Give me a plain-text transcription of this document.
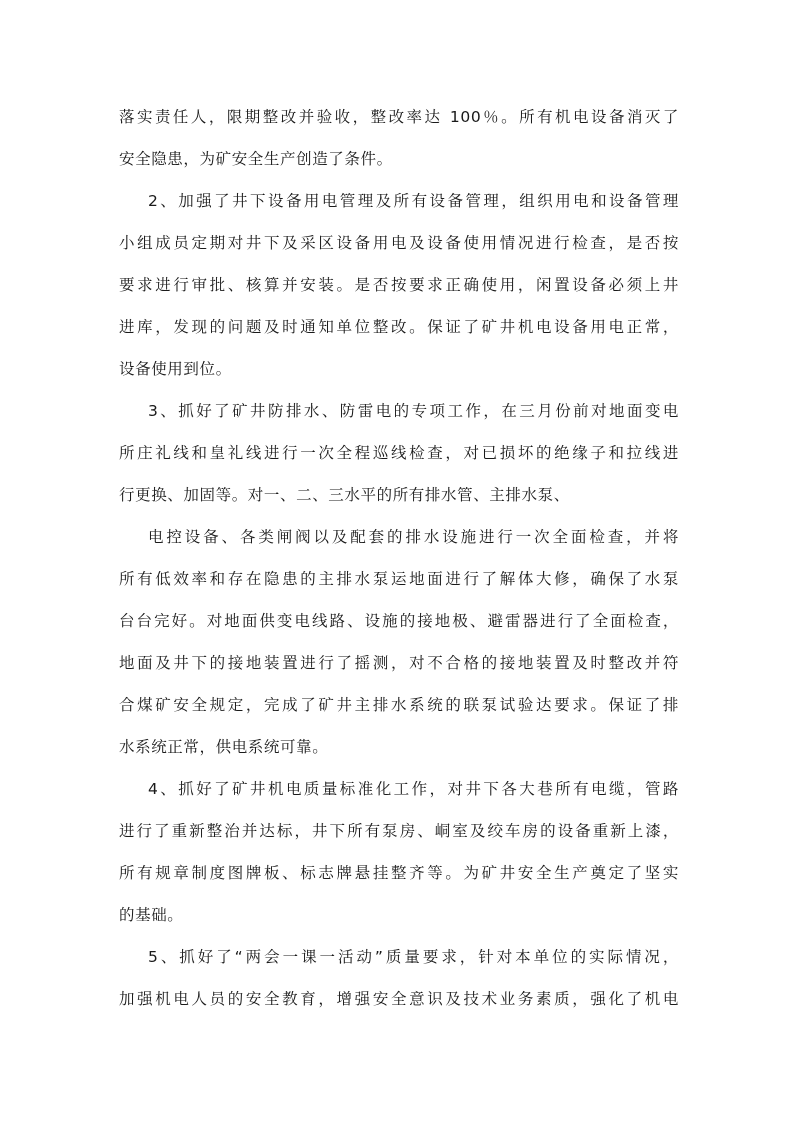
落实责任人，限期整改并验收，整改率达 100％。所有机电设备消灭了
安全隐患，为矿安全生产创造了条件。
2、加强了井下设备用电管理及所有设备管理，组织用电和设备管理
小组成员定期对井下及采区设备用电及设备使用情况进行检查，是否按
要求进行审批、核算并安装。是否按要求正确使用，闲置设备必须上井
进库，发现的问题及时通知单位整改。保证了矿井机电设备用电正常，
设备使用到位。
3、抓好了矿井防排水、防雷电的专项工作，在三月份前对地面变电
所庄礼线和皇礼线进行一次全程巡线检查，对已损坏的绝缘子和拉线进
行更换、加固等。对一、二、三水平的所有排水管、主排水泵、
电控设备、各类闸阀以及配套的排水设施进行一次全面检查，并将
所有低效率和存在隐患的主排水泵运地面进行了解体大修，确保了水泵
台台完好。对地面供变电线路、设施的接地极、避雷器进行了全面检查，
地面及井下的接地装置进行了摇测，对不合格的接地装置及时整改并符
合煤矿安全规定，完成了矿井主排水系统的联泵试验达要求。保证了排
水系统正常，供电系统可靠。
4、抓好了矿井机电质量标准化工作，对井下各大巷所有电缆，管路
进行了重新整治并达标，井下所有泵房、峒室及绞车房的设备重新上漆，
所有规章制度图牌板、标志牌悬挂整齐等。为矿井安全生产奠定了坚实
的基础。
5、抓好了“两会一课一活动”质量要求，针对本单位的实际情况，
加强机电人员的安全教育，增强安全意识及技术业务素质，强化了机电
